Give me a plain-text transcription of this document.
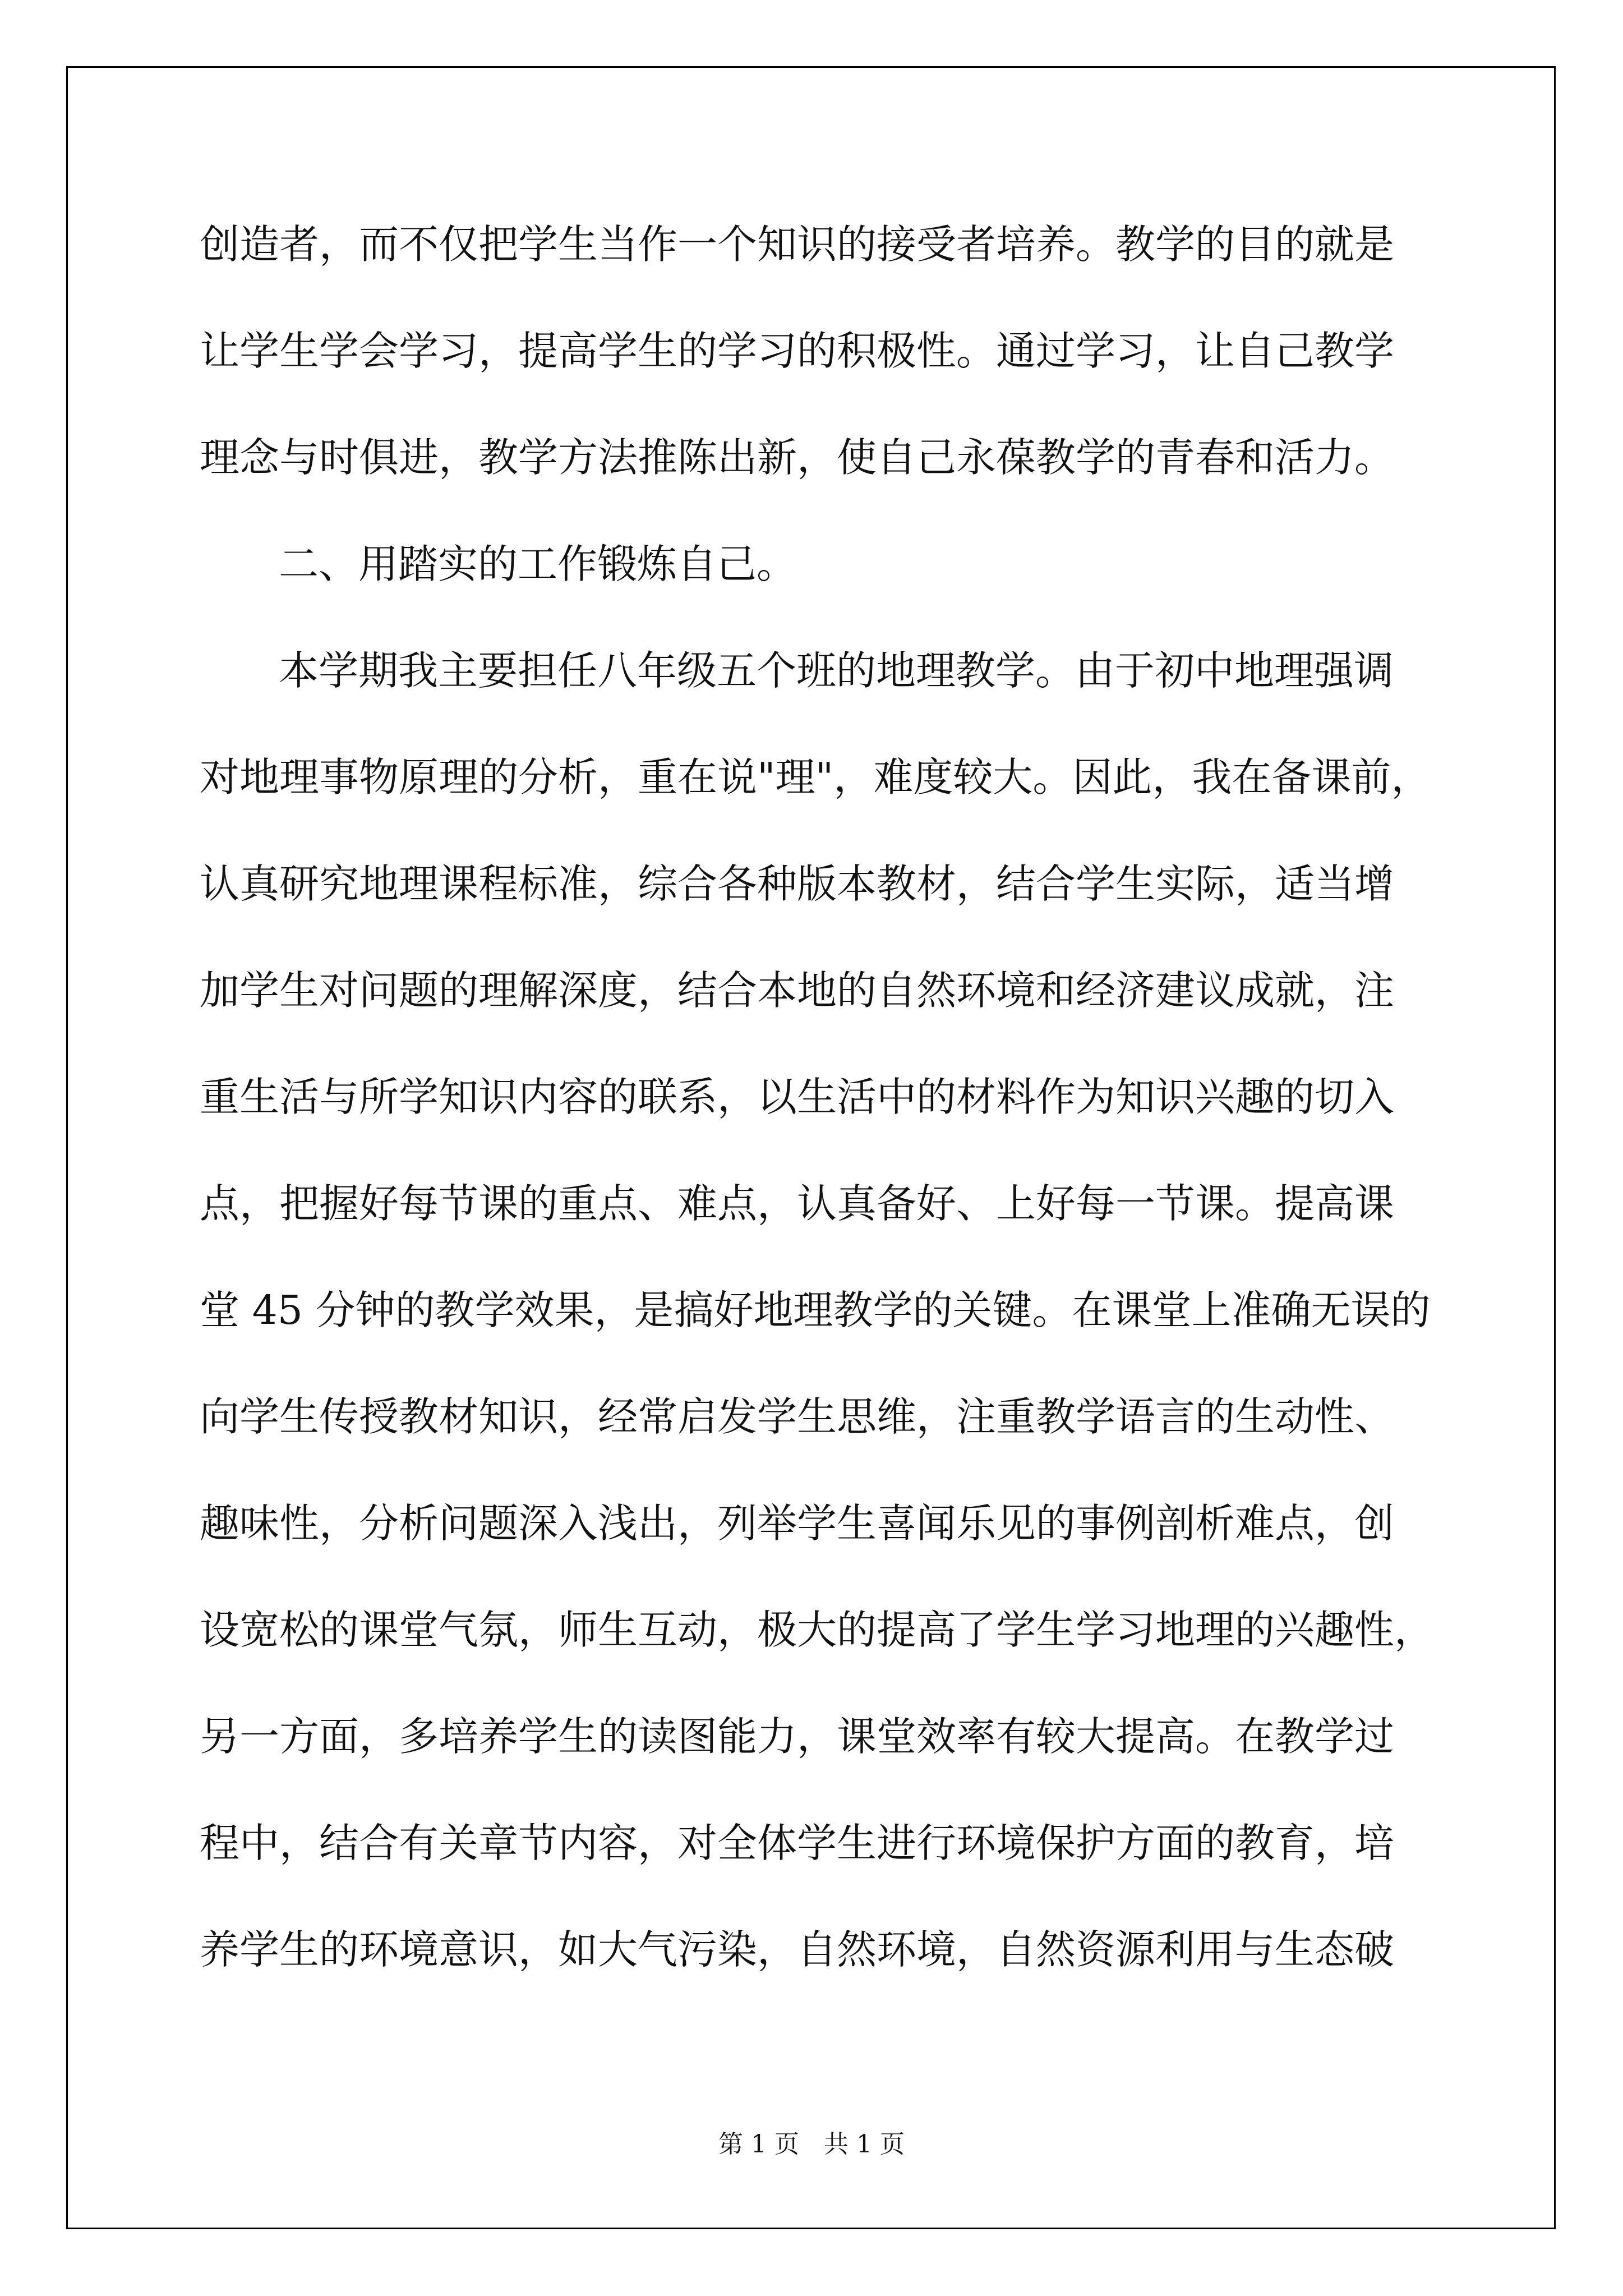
创造者，而不仅把学生当作一个知识的接受者培养。教学的目的就是

让学生学会学习，提高学生的学习的积极性。通过学习，让自己教学

理念与时俱进，教学方法推陈出新，使自己永葆教学的青春和活力。

二、用踏实的工作锻炼自己。

本学期我主要担任八年级五个班的地理教学。由于初中地理强调

对地理事物原理的分析，重在说"理"，难度较大。因此，我在备课前，

认真研究地理课程标准，综合各种版本教材，结合学生实际，适当增

加学生对问题的理解深度，结合本地的自然环境和经济建议成就，注

重生活与所学知识内容的联系，以生活中的材料作为知识兴趣的切入

点，把握好每节课的重点、难点，认真备好、上好每一节课。提高课

堂 45 分钟的教学效果，是搞好地理教学的关键。在课堂上准确无误的

向学生传授教材知识，经常启发学生思维，注重教学语言的生动性、

趣味性，分析问题深入浅出，列举学生喜闻乐见的事例剖析难点，创

设宽松的课堂气氛，师生互动，极大的提高了学生学习地理的兴趣性，

另一方面，多培养学生的读图能力，课堂效率有较大提高。在教学过

程中，结合有关章节内容，对全体学生进行环境保护方面的教育，培

养学生的环境意识，如大气污染，自然环境，自然资源利用与生态破

第 1 页 共 1 页
